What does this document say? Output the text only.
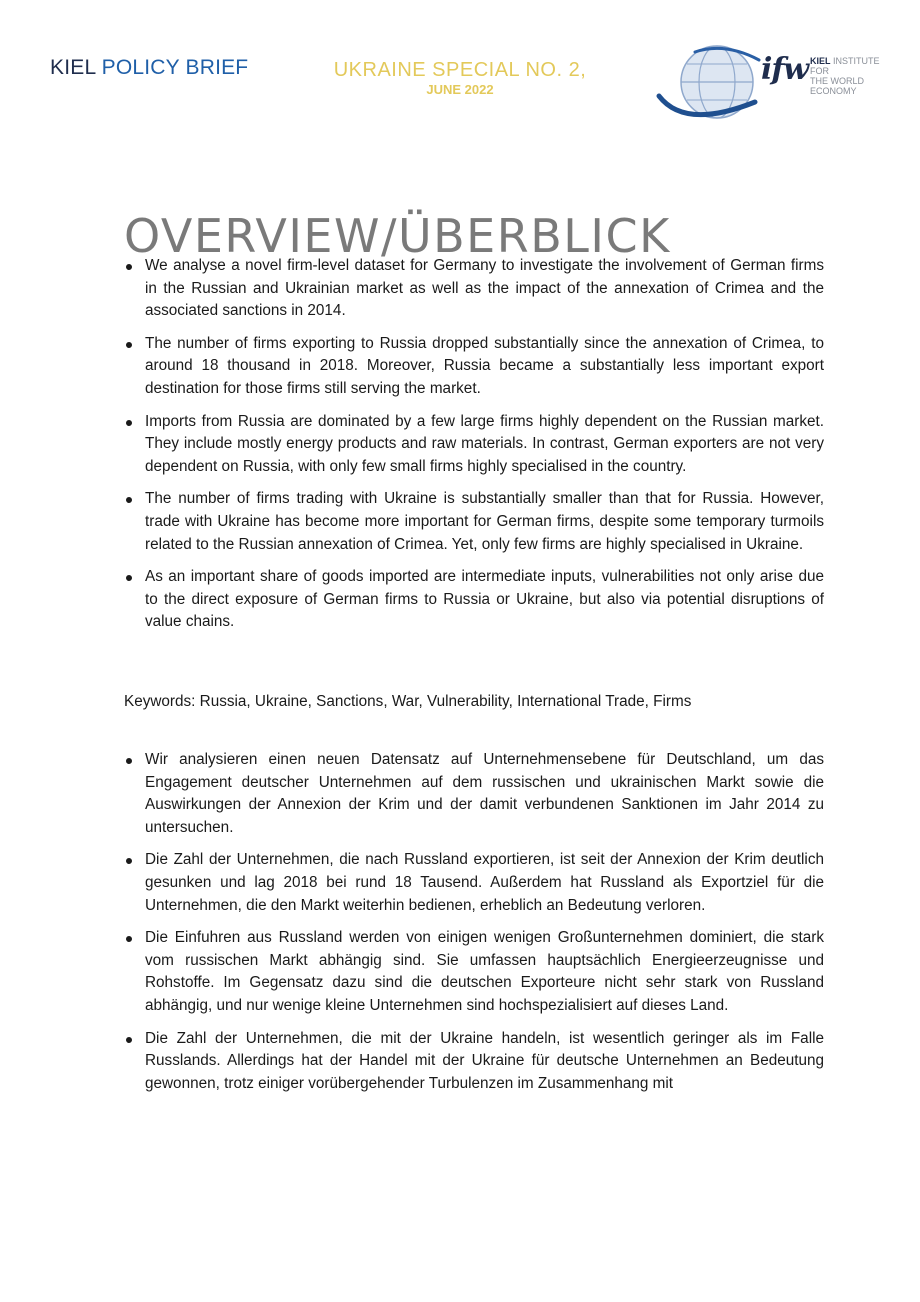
KIEL POLICY BRIEF	UKRAINE SPECIAL NO. 2,
JUNE 2022
ifw KIEL INSTITUTE FOR
THE WORLD ECONOMY
OVERVIEW/ÜBERBLICK
We analyse a novel firm-level dataset for Germany to investigate the involvement of German firms in the Russian and Ukrainian market as well as the impact of the annexation of Crimea and the associated sanctions in 2014.
The number of firms exporting to Russia dropped substantially since the annexation of Crimea, to around 18 thousand in 2018. Moreover, Russia became a substantially less important export destination for those firms still serving the market.
Imports from Russia are dominated by a few large firms highly dependent on the Russian market. They include mostly energy products and raw materials. In contrast, German exporters are not very dependent on Russia, with only few small firms highly specialised in the country.
The number of firms trading with Ukraine is substantially smaller than that for Russia. However, trade with Ukraine has become more important for German firms, despite some temporary turmoils related to the Russian annexation of Crimea. Yet, only few firms are highly specialised in Ukraine.
As an important share of goods imported are intermediate inputs, vulnerabilities not only arise due to the direct exposure of German firms to Russia or Ukraine, but also via potential disruptions of value chains.
Keywords: Russia, Ukraine, Sanctions, War, Vulnerability, International Trade, Firms
Wir analysieren einen neuen Datensatz auf Unternehmensebene für Deutschland, um das Engagement deutscher Unternehmen auf dem russischen und ukrainischen Markt sowie die Auswirkungen der Annexion der Krim und der damit verbundenen Sanktionen im Jahr 2014 zu untersuchen.
Die Zahl der Unternehmen, die nach Russland exportieren, ist seit der Annexion der Krim deutlich gesunken und lag 2018 bei rund 18 Tausend. Außerdem hat Russland als Exportziel für die Unternehmen, die den Markt weiterhin bedienen, erheblich an Bedeutung verloren.
Die Einfuhren aus Russland werden von einigen wenigen Großunternehmen dominiert, die stark vom russischen Markt abhängig sind. Sie umfassen hauptsächlich Energieerzeugnisse und Rohstoffe. Im Gegensatz dazu sind die deutschen Exporteure nicht sehr stark von Russland abhängig, und nur wenige kleine Unternehmen sind hochspezialisiert auf dieses Land.
Die Zahl der Unternehmen, die mit der Ukraine handeln, ist wesentlich geringer als im Falle Russlands. Allerdings hat der Handel mit der Ukraine für deutsche Unternehmen an Bedeutung gewonnen, trotz einiger vorübergehender Turbulenzen im Zusammenhang mit
